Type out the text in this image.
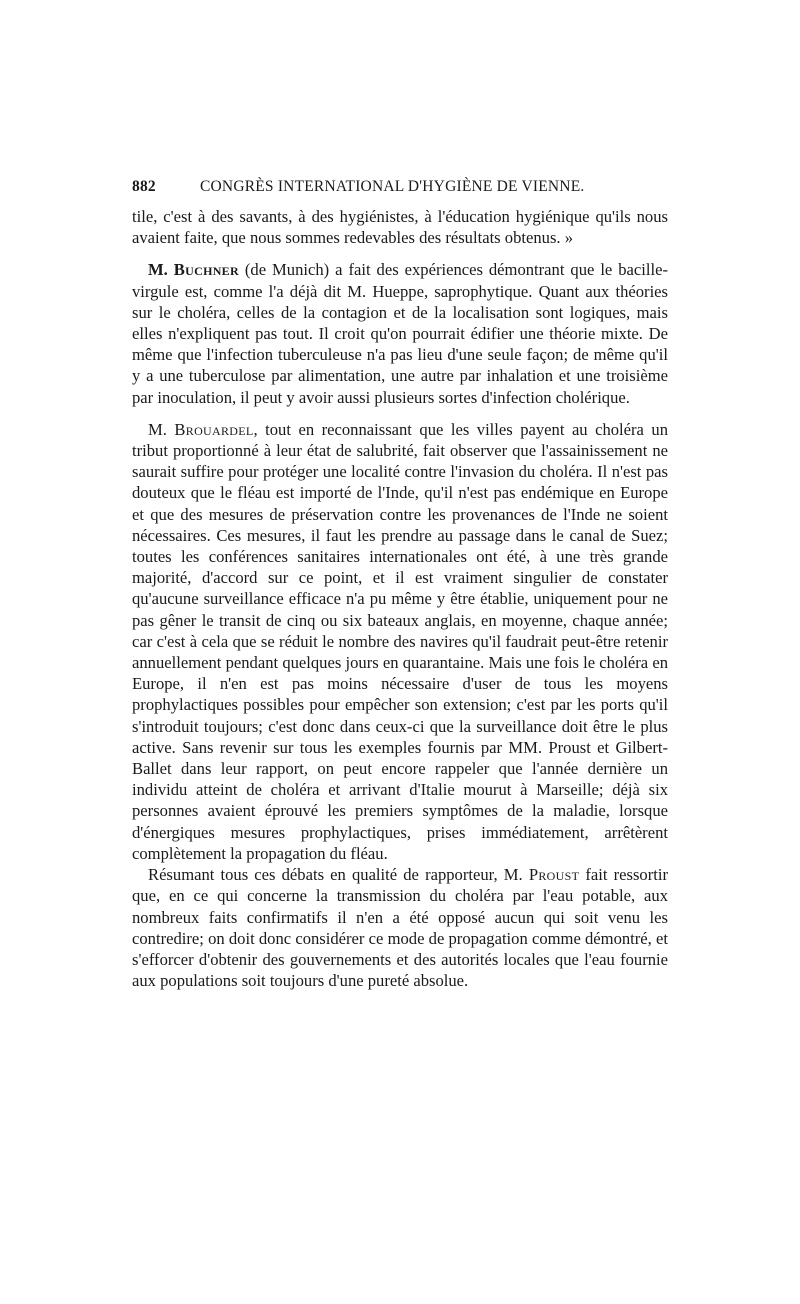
882	CONGRÈS INTERNATIONAL D'HYGIÈNE DE VIENNE.

tile, c'est à des savants, à des hygiénistes, à l'éducation hygiénique qu'ils nous avaient faite, que nous sommes redevables des résultats obtenus. »

M. Buchner (de Munich) a fait des expériences démontrant que le bacille-virgule est, comme l'a déjà dit M. Hueppe, saprophytique. Quant aux théories sur le choléra, celles de la contagion et de la localisation sont logiques, mais elles n'expliquent pas tout. Il croit qu'on pourrait édifier une théorie mixte. De même que l'infection tuberculeuse n'a pas lieu d'une seule façon; de même qu'il y a une tuberculose par alimentation, une autre par inhalation et une troisième par inoculation, il peut y avoir aussi plusieurs sortes d'infection cholérique.

M. Brouardel, tout en reconnaissant que les villes payent au choléra un tribut proportionné à leur état de salubrité, fait observer que l'assainissement ne saurait suffire pour protéger une localité contre l'invasion du choléra. Il n'est pas douteux que le fléau est importé de l'Inde, qu'il n'est pas endémique en Europe et que des mesures de préservation contre les provenances de l'Inde ne soient nécessaires. Ces mesures, il faut les prendre au passage dans le canal de Suez; toutes les conférences sanitaires internationales ont été, à une très grande majorité, d'accord sur ce point, et il est vraiment singulier de constater qu'aucune surveillance efficace n'a pu même y être établie, uniquement pour ne pas gêner le transit de cinq ou six bateaux anglais, en moyenne, chaque année; car c'est à cela que se réduit le nombre des navires qu'il faudrait peut-être retenir annuellement pendant quelques jours en quarantaine. Mais une fois le choléra en Europe, il n'en est pas moins nécessaire d'user de tous les moyens prophylactiques possibles pour empêcher son extension; c'est par les ports qu'il s'introduit toujours; c'est donc dans ceux-ci que la surveillance doit être le plus active. Sans revenir sur tous les exemples fournis par MM. Proust et Gilbert-Ballet dans leur rapport, on peut encore rappeler que l'année dernière un individu atteint de choléra et arrivant d'Italie mourut à Marseille; déjà six personnes avaient éprouvé les premiers symptômes de la maladie, lorsque d'énergiques mesures prophylactiques, prises immédiatement, arrêtèrent complètement la propagation du fléau.

Résumant tous ces débats en qualité de rapporteur, M. Proust fait ressortir que, en ce qui concerne la transmission du choléra par l'eau potable, aux nombreux faits confirmatifs il n'en a été opposé aucun qui soit venu les contredire; on doit donc considérer ce mode de propagation comme démontré, et s'efforcer d'obtenir des gouvernements et des autorités locales que l'eau fournie aux populations soit toujours d'une pureté absolue.
